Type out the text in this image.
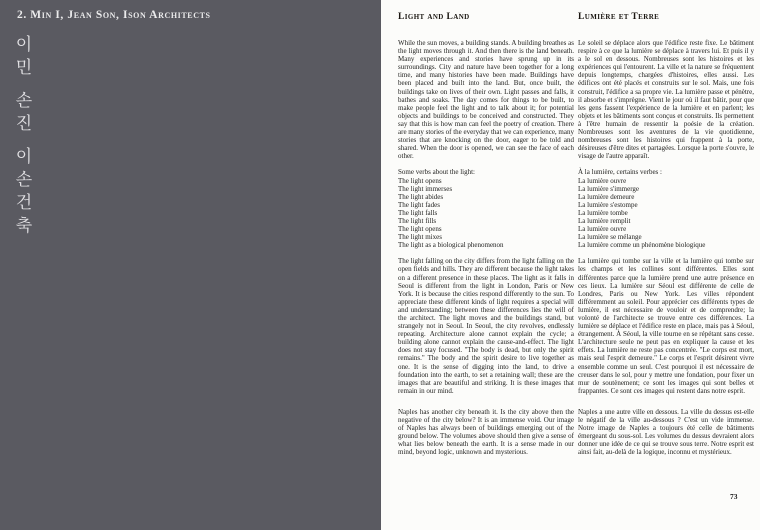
2. Min I, Jean Son, Ison Architects
이
민
손
진
이
손
건
축
Light and Land

While the sun moves, a building stands. A building breathes as the light moves through it. And then there is the land beneath. Many experiences and stories have sprung up in its surroundings. City and nature have been together for a long time, and many histories have been made. Buildings have been placed and built into the land. But, once built, the buildings take on lives of their own. Light passes and falls, it bathes and soaks. The day comes for things to be built, to make people feel the light and to talk about it; for potential objects and buildings to be conceived and constructed. They say that this is how man can feel the poetry of creation. There are many stories of the everyday that we can experience, many stories that are knocking on the door, eager to be told and shared. When the door is opened, we can see the face of each other.

Some verbs about the light:

The light opens

The light immerses

The light abides

The light fades

The light falls

The light fills

The light opens

The light mixes

The light as a biological phenomenon

The light falling on the city differs from the light falling on the open fields and hills. They are different because the light takes on a different presence in these places. The light as it falls in Seoul is different from the light in London, Paris or New York. It is because the cities respond differently to the sun. To appreciate these different kinds of light requires a special will and understanding; between these differences lies the will of the architect. The light moves and the buildings stand, but strangely not in Seoul. In Seoul, the city revolves, endlessly repeating. Architecture alone cannot explain the cycle; a building alone cannot explain the cause-and-effect. The light does not stay focused. "The body is dead, but only the spirit remains." The body and the spirit desire to live together as one. It is the sense of digging into the land, to drive a foundation into the earth, to set a retaining wall; these are the images that are beautiful and striking. It is these images that remain in our mind.

Naples has another city beneath it. Is the city above then the negative of the city below? It is an immense void. Our image of Naples has always been of buildings emerging out of the ground below. The volumes above should then give a sense of what lies below beneath the earth. It is a sense made in our mind, beyond logic, unknown and mysterious.

Lumière et Terre

Le soleil se déplace alors que l'édifice reste fixe. Le bâtiment respire à ce que la lumière se déplace à travers lui. Et puis il y a le sol en dessous. Nombreuses sont les histoires et les expériences qui l'entourent. La ville et la nature se fréquentent depuis longtemps, chargées d'histoires, elles aussi. Les édifices ont été placés et construits sur le sol. Mais, une fois construit, l'édifice a sa propre vie. La lumière passe et pénètre, il absorbe et s'imprègne. Vient le jour où il faut bâtir, pour que les gens fassent l'expérience de la lumière et en parlent; les objets et les bâtiments sont conçus et construits. Ils permettent à l'être humain de ressentir la poésie de la création. Nombreuses sont les aventures de la vie quotidienne, nombreuses sont les histoires qui frappent à la porte, désireuses d'être dites et partagées. Lorsque la porte s'ouvre, le visage de l'autre apparaît.

À la lumière, certains verbes :

La lumière ouvre

La lumière s'immerge

La lumière demeure

La lumière s'estompe

La lumière tombe

La lumière remplit

La lumière ouvre

La lumière se mélange

La lumière comme un phénomène biologique

La lumière qui tombe sur la ville et la lumière qui tombe sur les champs et les collines sont différentes. Elles sont différentes parce que la lumière prend une autre présence en ces lieux. La lumière sur Séoul est différente de celle de Londres, Paris ou New York. Les villes répondent différemment au soleil. Pour apprécier ces différents types de lumière, il est nécessaire de vouloir et de comprendre; la volonté de l'architecte se trouve entre ces différences. La lumière se déplace et l'édifice reste en place, mais pas à Séoul, étrangement. À Séoul, la ville tourne en se répétant sans cesse. L'architecture seule ne peut pas en expliquer la cause et les effets. La lumière ne reste pas concentrée. "Le corps est mort, mais seul l'esprit demeure." Le corps et l'esprit désirent vivre ensemble comme un seul. C'est pourquoi il est nécessaire de creuser dans le sol, pour y mettre une fondation, pour fixer un mur de soutènement; ce sont les images qui sont belles et frappantes. Ce sont ces images qui restent dans notre esprit.

Naples a une autre ville en dessous. La ville du dessus est-elle le négatif de la ville au-dessous ? C'est un vide immense. Notre image de Naples a toujours été celle de bâtiments émergeant du sous-sol. Les volumes du dessus devraient alors donner une idée de ce qui se trouve sous terre. Notre esprit est ainsi fait, au-delà de la logique, inconnu et mystérieux.

73
